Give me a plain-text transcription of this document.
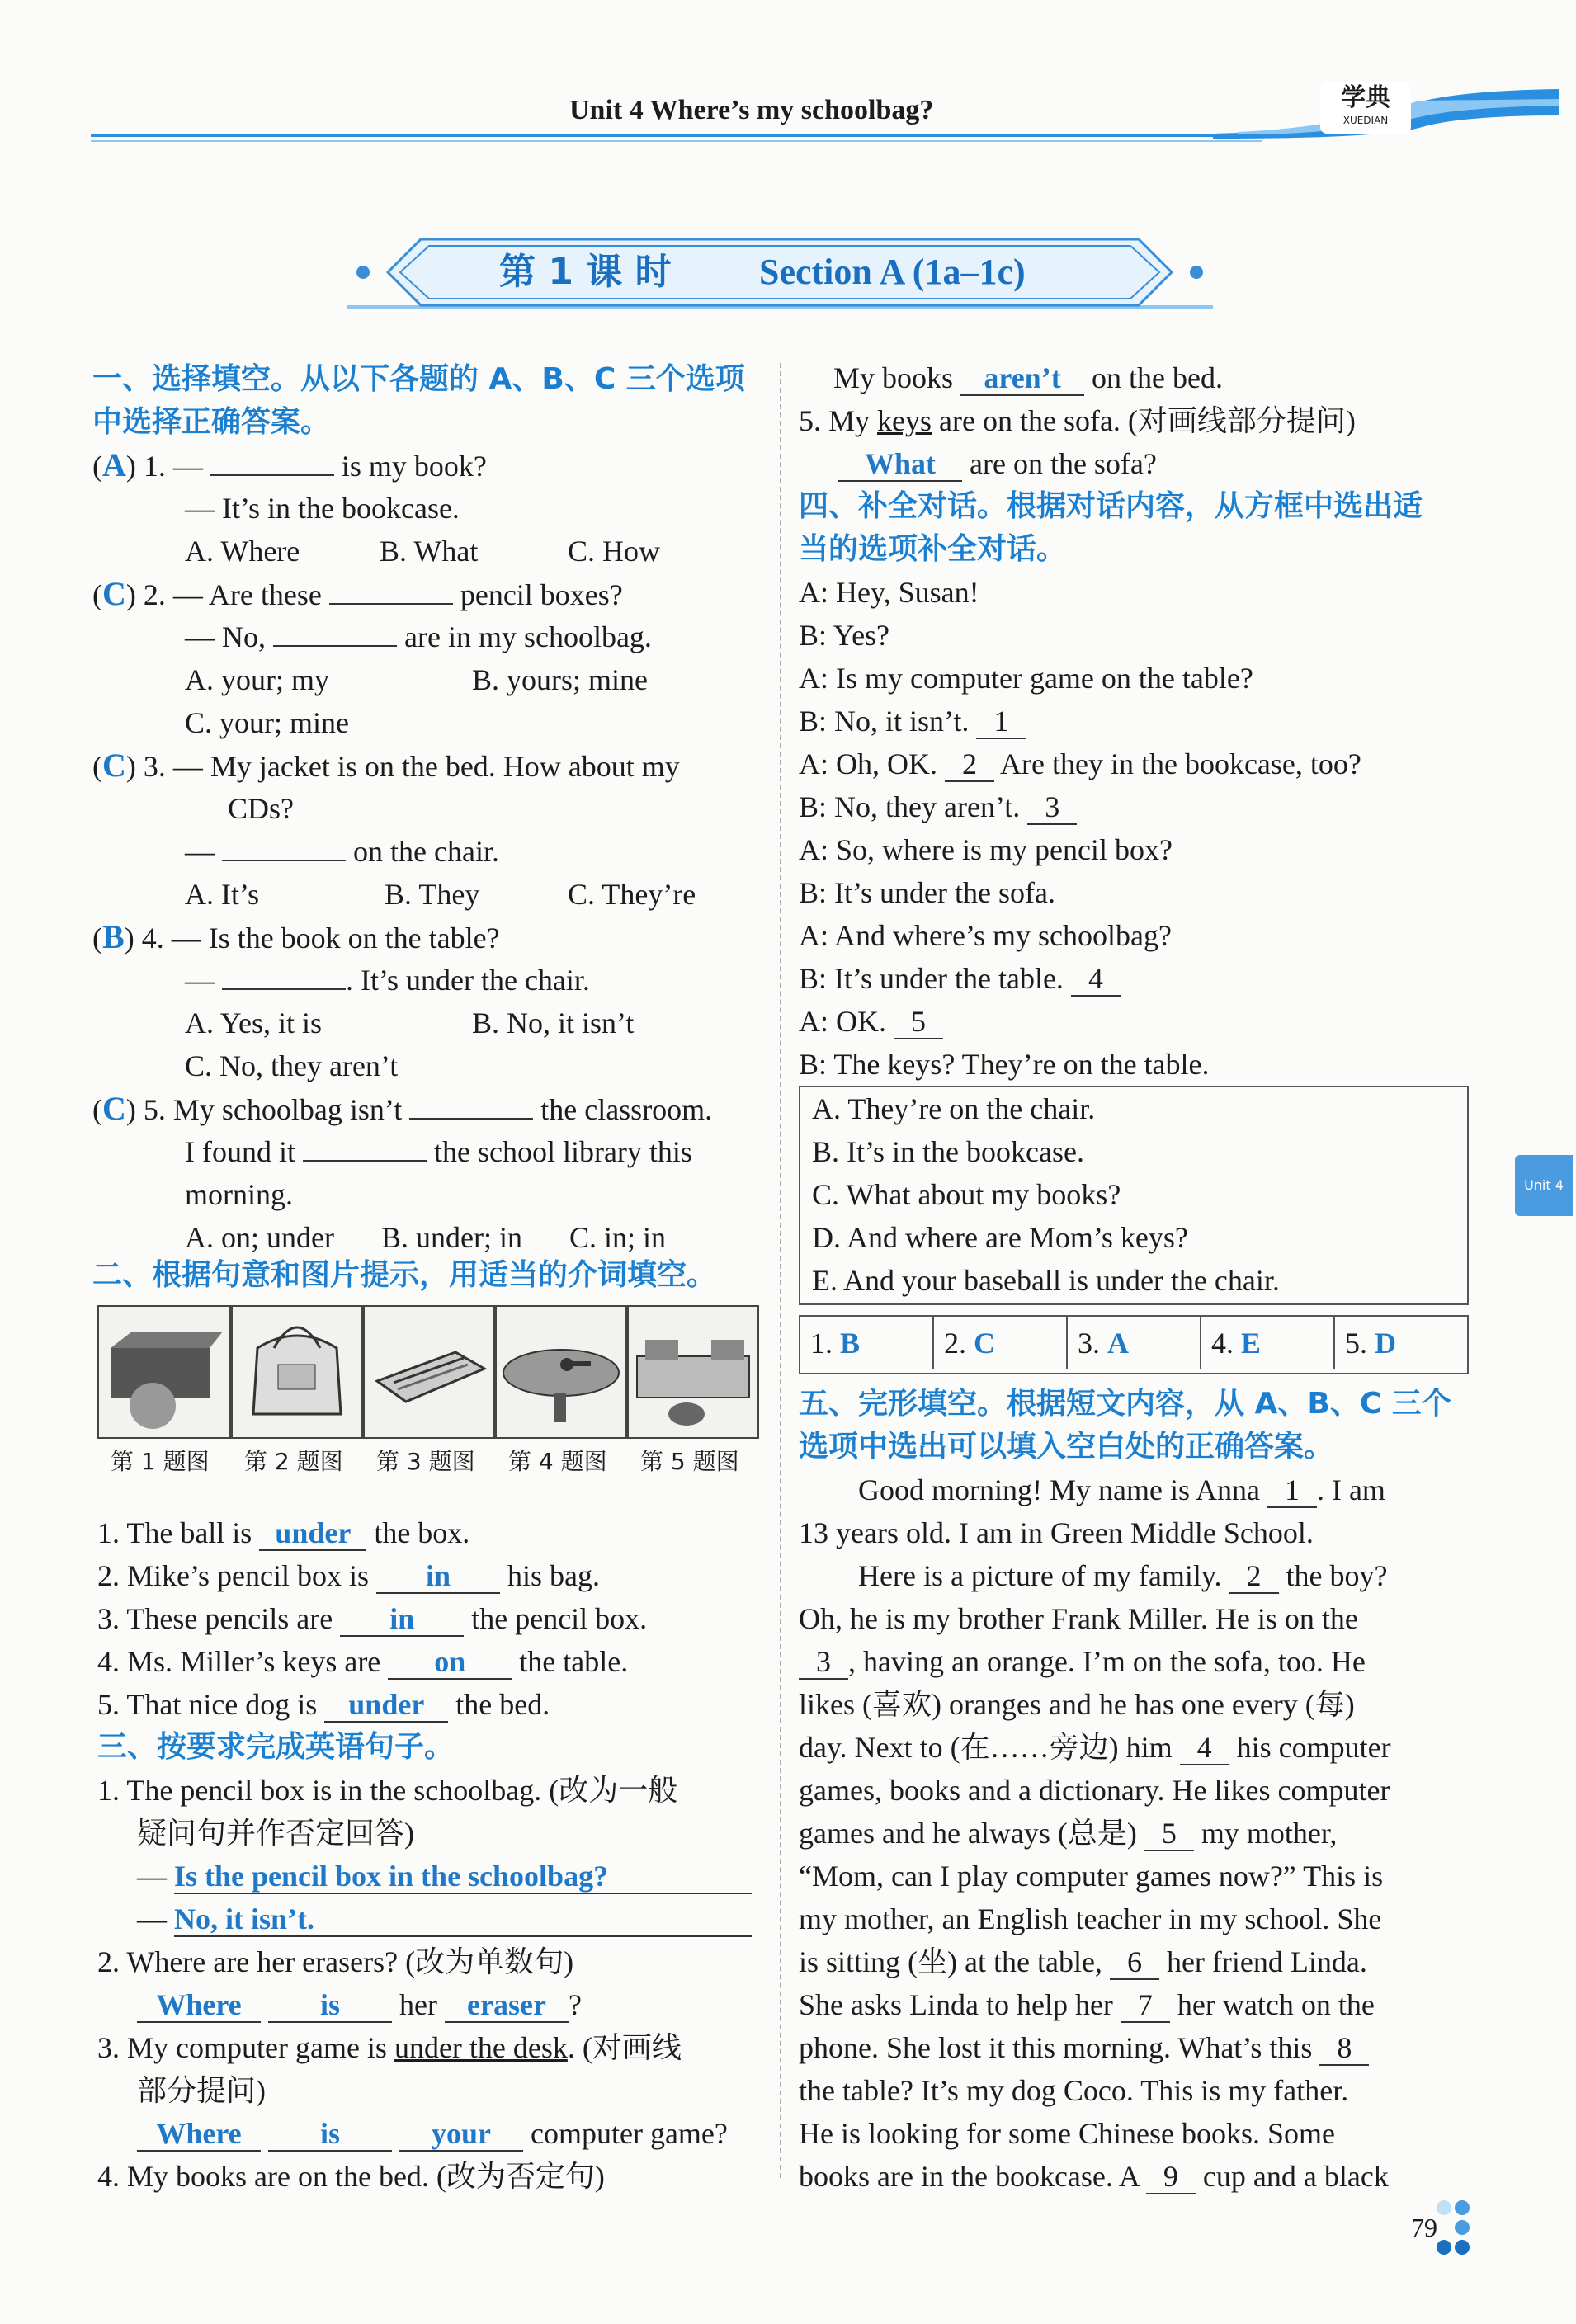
Unit 4 Where’s my schoolbag?	学典
XUEDIAN
第 1 课 时 Section A (1a–1c)
一、选择填空。从以下各题的 A、B、C 三个选项
中选择正确答案。
(A) 1. —	is my book?
— It’s in the bookcase.
A. Where	B. What	C. How
(C) 2. — Are these	pencil boxes?
— No,	are in my schoolbag.
A. your; my	B. yours; mine
C. your; mine
(C) 3. — My jacket is on the bed. How about my
CDs?
—	on the chair.
A. It’s	B. They	C. They’re
(B) 4. — Is the book on the table?
—	. It’s under the chair.
A. Yes, it is	B. No, it isn’t
C. No, they aren’t
(C) 5. My schoolbag isn’t	the classroom.
I found it	the school library this
morning.
A. on; under B. under; in C. in; in
二、根据句意和图片提示，用适当的介词填空。
第 1 题图 第 2 题图 第 3 题图 第 4 题图 第 5 题图
1. The ball is under the box.
2. Mike’s pencil box is in his bag.
3. These pencils are in the pencil box.
4. Ms. Miller’s keys are on the table.
5. That nice dog is under the bed.
三、按要求完成英语句子。
1. The pencil box is in the schoolbag. (改为一般
疑问句并作否定回答)
— Is the pencil box in the schoolbag?
— No, it isn’t.
2. Where are her erasers? (改为单数句)
Where	is her eraser ?
3. My computer game is under the desk. (对画线
部分提问)
Where	is	your computer game?
4. My books are on the bed. (改为否定句)
My books aren’t on the bed.
5. My keys are on the sofa. (对画线部分提问)
What are on the sofa?
四、补全对话。根据对话内容，从方框中选出适
当的选项补全对话。
A: Hey, Susan!
B: Yes?
A: Is my computer game on the table?
B: No, it isn’t. 1
A: Oh, OK. 2 Are they in the bookcase, too?
B: No, they aren’t. 3
A: So, where is my pencil box?
B: It’s under the sofa.
A: And where’s my schoolbag?
B: It’s under the table. 4
A: OK. 5
B: The keys? They’re on the table.
A. They’re on the chair.
B. It’s in the bookcase.
C. What about my books?
D. And where are Mom’s keys?
E. And your baseball is under the chair.
1. B	2. C	3. A	4. E	5. D
五、完形填空。根据短文内容，从 A、B、C 三个
选项中选出可以填入空白处的正确答案。
Good morning! My name is Anna 1 . I am
13 years old. I am in Green Middle School.
Here is a picture of my family. 2 the boy?
Oh, he is my brother Frank Miller. He is on the
3 , having an orange. I’m on the sofa, too. He
likes (喜欢) oranges and he has one every (每)
day. Next to (在……旁边) him 4 his computer
games, books and a dictionary. He likes computer
games and he always (总是) 5 my mother,
“Mom, can I play computer games now?” This is
my mother, an English teacher in my school. She
is sitting (坐) at the table, 6 her friend Linda.
She asks Linda to help her 7 her watch on the
phone. She lost it this morning. What’s this 8
the table? It’s my dog Coco. This is my father.
He is looking for some Chinese books. Some
books are in the bookcase. A 9 cup and a black
Unit 4
79
